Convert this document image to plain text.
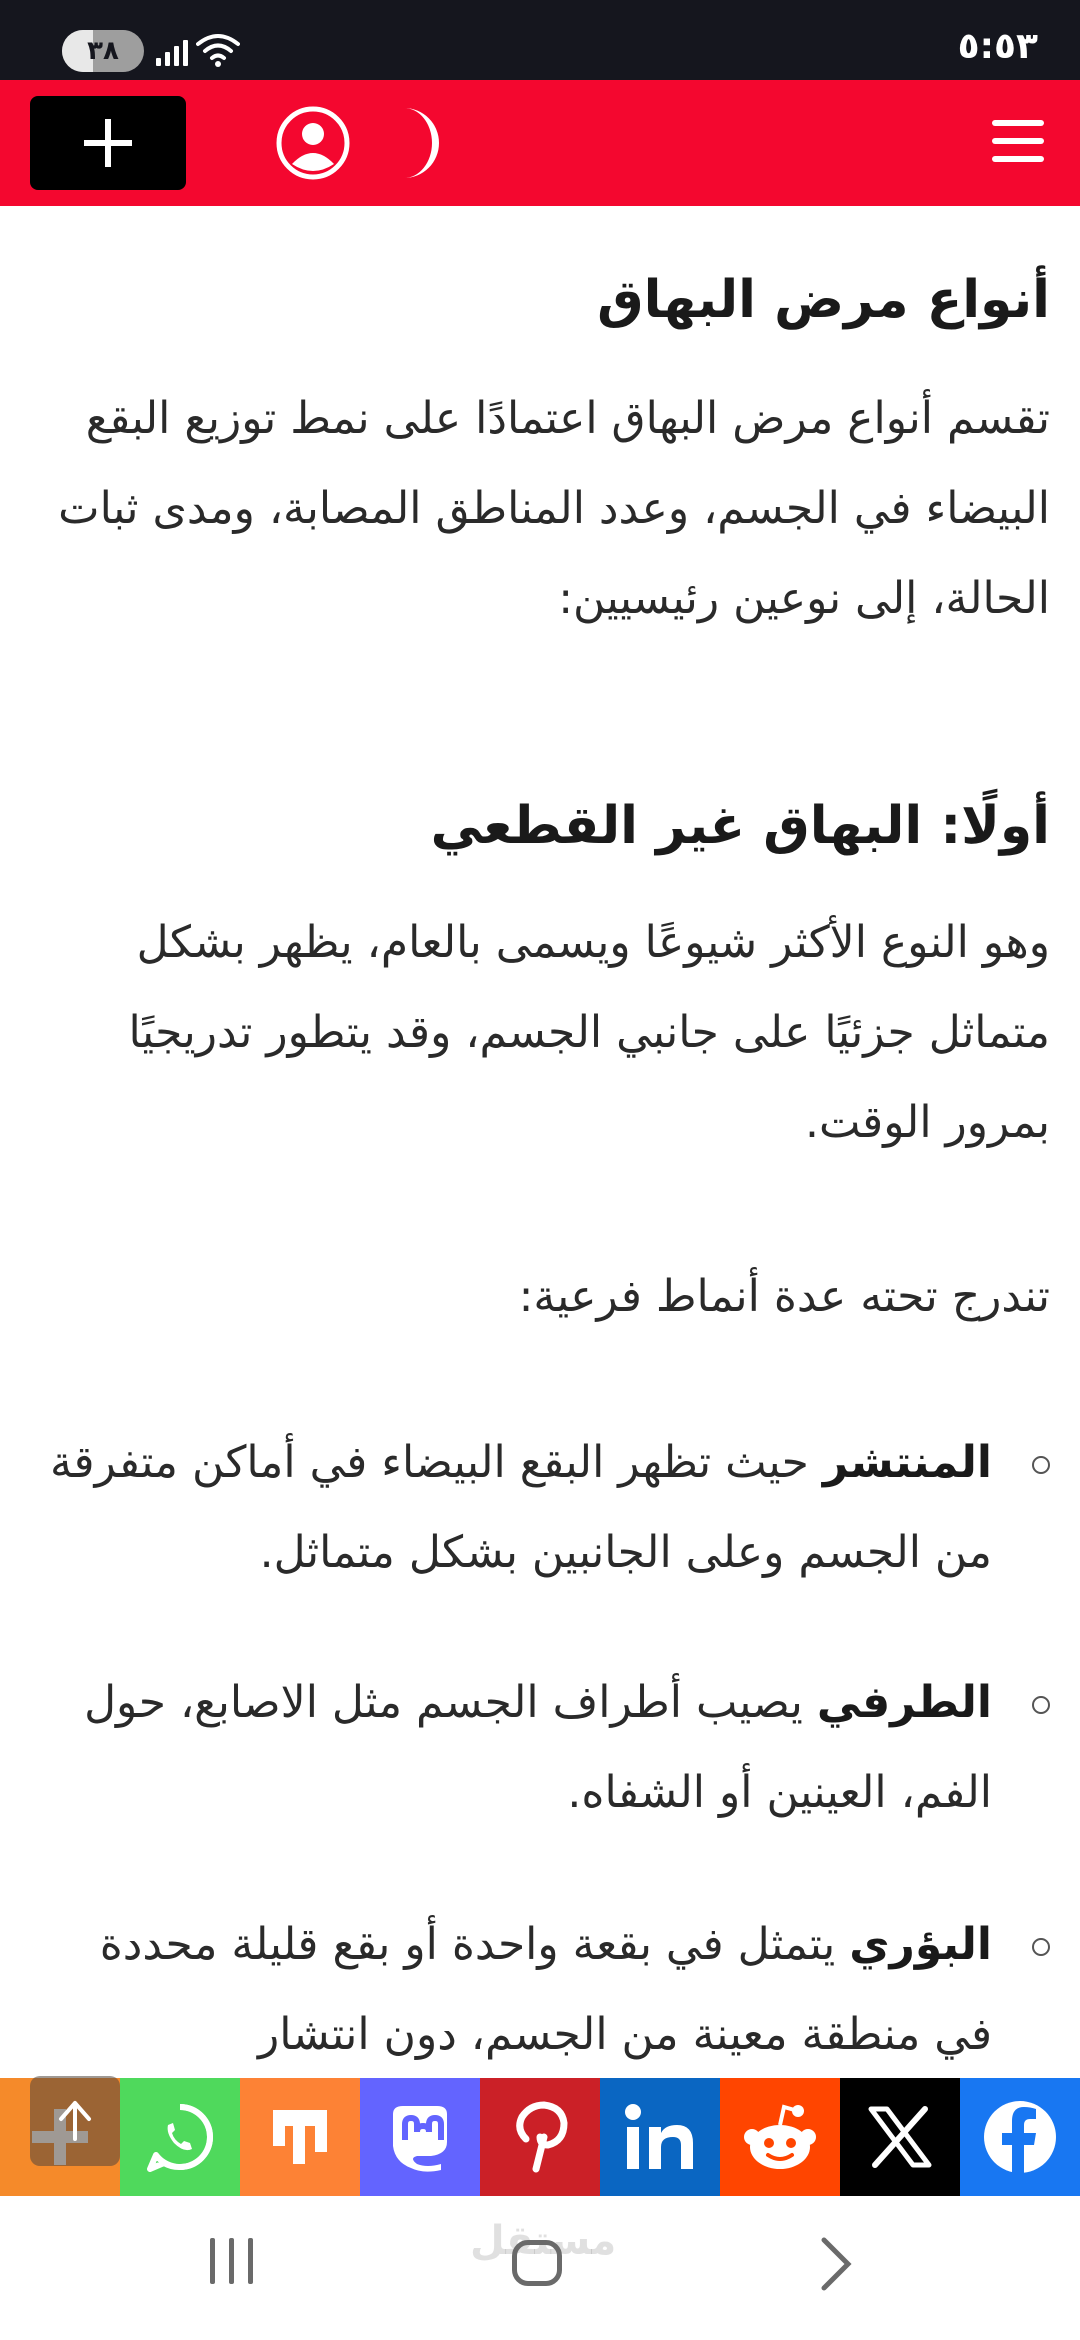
٣٨	٥:٥٣
أنواع مرض البهاق

تقسم أنواع مرض البهاق اعتمادًا على نمط توزيع البقع البيضاء في الجسم، وعدد المناطق المصابة، ومدى ثبات الحالة، إلى نوعين رئيسيين:

أولًا: البهاق غير القطعي

وهو النوع الأكثر شيوعًا ويسمى بالعام، يظهر بشكل متماثل جزئيًا على جانبي الجسم، وقد يتطور تدريجيًا بمرور الوقت.

تندرج تحته عدة أنماط فرعية:

المنتشر حيث تظهر البقع البيضاء في أماكن متفرقة من الجسم وعلى الجانبين بشكل متماثل.
الطرفي يصيب أطراف الجسم مثل الاصابع، حول الفم، العينين أو الشفاه.
البؤري يتمثل في بقعة واحدة أو بقع قليلة محددة في منطقة معينة من الجسم، دون انتشار
مستقل
